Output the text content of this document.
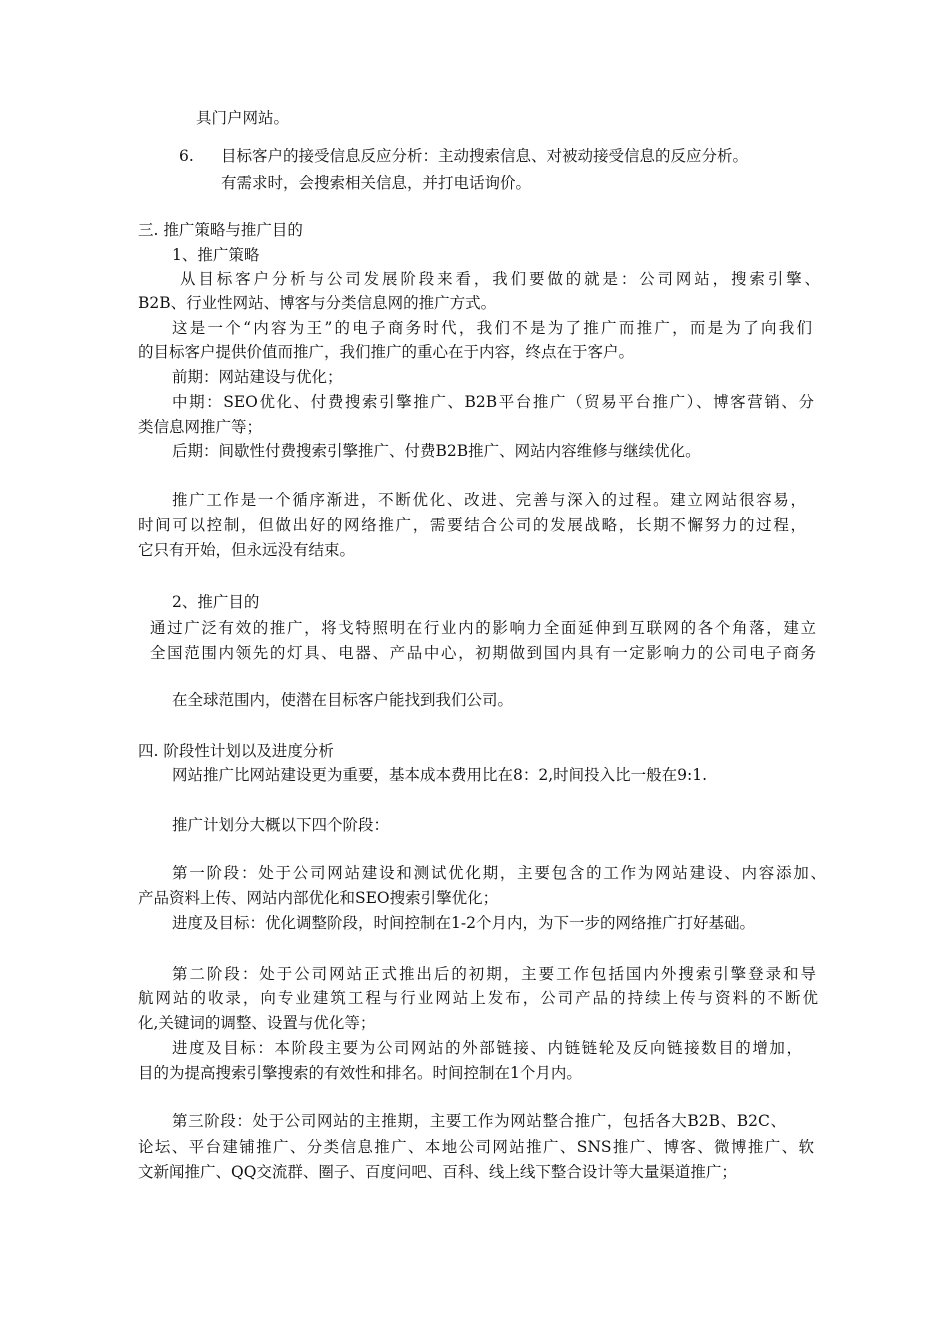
具门户网站。

6. 目标客户的接受信息反应分析：主动搜索信息、对被动接受信息的反应分析。

有需求时，会搜索相关信息，并打电话询价。

三. 推广策略与推广目的

1、推广策略

从目标客户分析与公司发展阶段来看，我们要做的就是：公司网站，搜索引擎、

B2B、行业性网站、博客与分类信息网的推广方式。

这是一个“内容为王”的电子商务时代，我们不是为了推广而推广，而是为了向我们

的目标客户提供价值而推广，我们推广的重心在于内容，终点在于客户。

前期：网站建设与优化；

中期：SEO优化、付费搜索引擎推广、B2B平台推广（贸易平台推广）、博客营销、分

类信息网推广等；

后期：间歇性付费搜索引擎推广、付费B2B推广、网站内容维修与继续优化。

推广工作是一个循序渐进，不断优化、改进、完善与深入的过程。建立网站很容易，

时间可以控制，但做出好的网络推广，需要结合公司的发展战略，长期不懈努力的过程，

它只有开始，但永远没有结束。

2、推广目的

通过广泛有效的推广，将戈特照明在行业内的影响力全面延伸到互联网的各个角落，建立

全国范围内领先的灯具、电器、产品中心，初期做到国内具有一定影响力的公司电子商务

在全球范围内，使潜在目标客户能找到我们公司。

四. 阶段性计划以及进度分析

网站推广比网站建设更为重要，基本成本费用比在8：2,时间投入比一般在9:1.

推广计划分大概以下四个阶段：

第一阶段：处于公司网站建设和测试优化期，主要包含的工作为网站建设、内容添加、

产品资料上传、网站内部优化和SEO搜索引擎优化；

进度及目标：优化调整阶段，时间控制在1-2个月内，为下一步的网络推广打好基础。

第二阶段：处于公司网站正式推出后的初期，主要工作包括国内外搜索引擎登录和导

航网站的收录，向专业建筑工程与行业网站上发布，公司产品的持续上传与资料的不断优

化,关键词的调整、设置与优化等；

进度及目标：本阶段主要为公司网站的外部链接、内链链轮及反向链接数目的增加，

目的为提高搜索引擎搜索的有效性和排名。时间控制在1个月内。

第三阶段：处于公司网站的主推期，主要工作为网站整合推广，包括各大B2B、B2C、

论坛、平台建铺推广、分类信息推广、本地公司网站推广、SNS推广、博客、微博推广、软

文新闻推广、QQ交流群、圈子、百度问吧、百科、线上线下整合设计等大量渠道推广；
